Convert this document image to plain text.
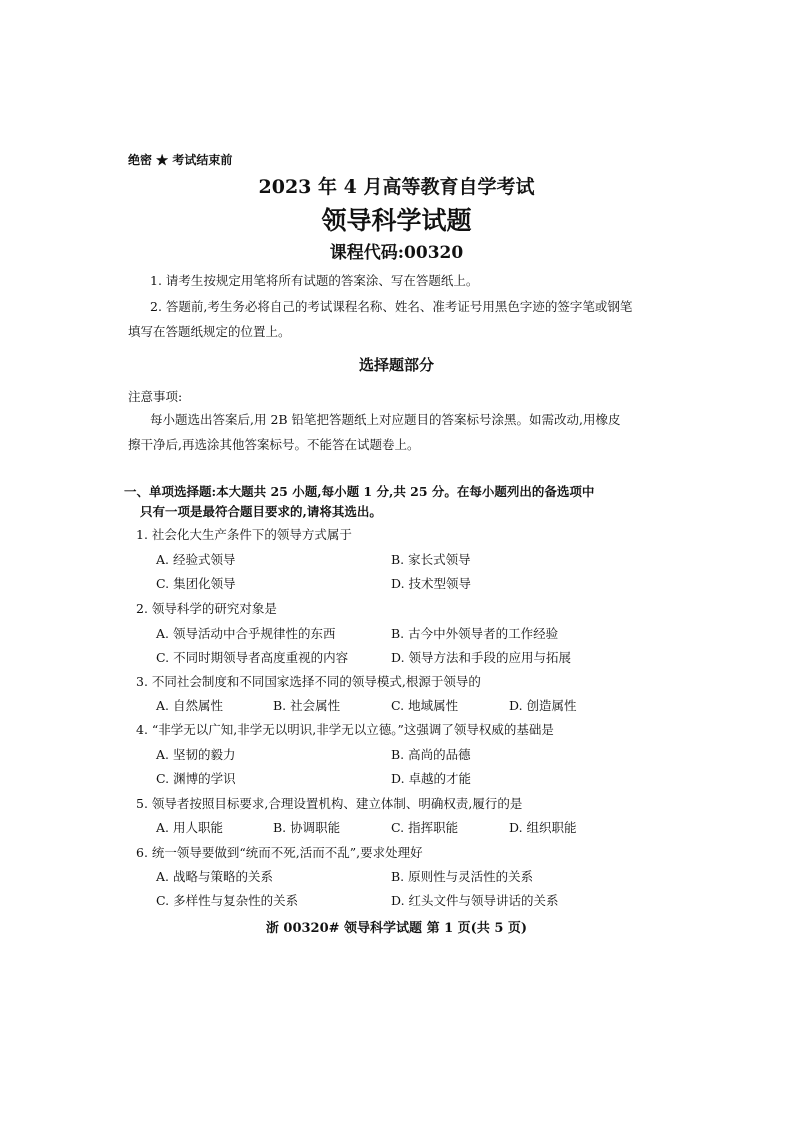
绝密 ★ 考试结束前
2023 年 4 月高等教育自学考试
领导科学试题
课程代码:00320
1. 请考生按规定用笔将所有试题的答案涂、写在答题纸上。
2. 答题前,考生务必将自己的考试课程名称、姓名、准考证号用黑色字迹的签字笔或钢笔
填写在答题纸规定的位置上。
选择题部分
注意事项:
每小题选出答案后,用 2B 铅笔把答题纸上对应题目的答案标号涂黑。如需改动,用橡皮
擦干净后,再选涂其他答案标号。不能答在试题卷上。
一、单项选择题:本大题共 25 小题,每小题 1 分,共 25 分。在每小题列出的备选项中
只有一项是最符合题目要求的,请将其选出。
1. 社会化大生产条件下的领导方式属于
A. 经验式领导	B. 家长式领导
C. 集团化领导	D. 技术型领导
2. 领导科学的研究对象是
A. 领导活动中合乎规律性的东西	B. 古今中外领导者的工作经验
C. 不同时期领导者高度重视的内容	D. 领导方法和手段的应用与拓展
3. 不同社会制度和不同国家选择不同的领导模式,根源于领导的
A. 自然属性	B. 社会属性	C. 地域属性	D. 创造属性
4. “非学无以广知,非学无以明识,非学无以立德。”这强调了领导权威的基础是
A. 坚韧的毅力	B. 高尚的品德
C. 渊博的学识	D. 卓越的才能
5. 领导者按照目标要求,合理设置机构、建立体制、明确权责,履行的是
A. 用人职能	B. 协调职能	C. 指挥职能	D. 组织职能
6. 统一领导要做到“统而不死,活而不乱”,要求处理好
A. 战略与策略的关系	B. 原则性与灵活性的关系
C. 多样性与复杂性的关系	D. 红头文件与领导讲话的关系
浙 00320# 领导科学试题 第 1 页(共 5 页)
